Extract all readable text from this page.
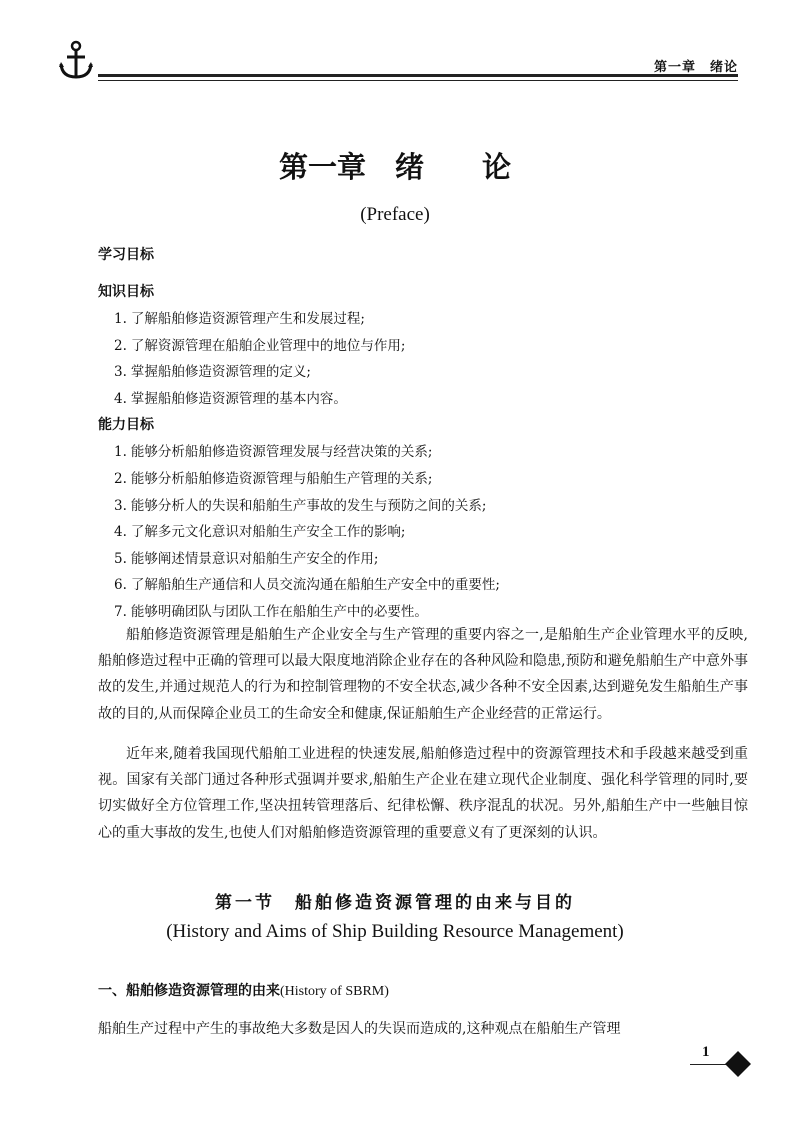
第一章　绪论
第一章　绪　　论
(Preface)
学习目标
知识目标
1. 了解船舶修造资源管理产生和发展过程;
2. 了解资源管理在船舶企业管理中的地位与作用;
3. 掌握船舶修造资源管理的定义;
4. 掌握船舶修造资源管理的基本内容。
能力目标
1. 能够分析船舶修造资源管理发展与经营决策的关系;
2. 能够分析船舶修造资源管理与船舶生产管理的关系;
3. 能够分析人的失误和船舶生产事故的发生与预防之间的关系;
4. 了解多元文化意识对船舶生产安全工作的影响;
5. 能够阐述情景意识对船舶生产安全的作用;
6. 了解船舶生产通信和人员交流沟通在船舶生产安全中的重要性;
7. 能够明确团队与团队工作在船舶生产中的必要性。

船舶修造资源管理是船舶生产企业安全与生产管理的重要内容之一,是船舶生产企业管理水平的反映,船舶修造过程中正确的管理可以最大限度地消除企业存在的各种风险和隐患,预防和避免船舶生产中意外事故的发生,并通过规范人的行为和控制管理物的不安全状态,减少各种不安全因素,达到避免发生船舶生产事故的目的,从而保障企业员工的生命安全和健康,保证船舶生产企业经营的正常运行。

近年来,随着我国现代船舶工业进程的快速发展,船舶修造过程中的资源管理技术和手段越来越受到重视。国家有关部门通过各种形式强调并要求,船舶生产企业在建立现代企业制度、强化科学管理的同时,要切实做好全方位管理工作,坚决扭转管理落后、纪律松懈、秩序混乱的状况。另外,船舶生产中一些触目惊心的重大事故的发生,也使人们对船舶修造资源管理的重要意义有了更深刻的认识。

第一节　船舶修造资源管理的由来与目的
(History and Aims of Ship Building Resource Management)
一、船舶修造资源管理的由来(History of SBRM)
船舶生产过程中产生的事故绝大多数是因人的失误而造成的,这种观点在船舶生产管理
1
